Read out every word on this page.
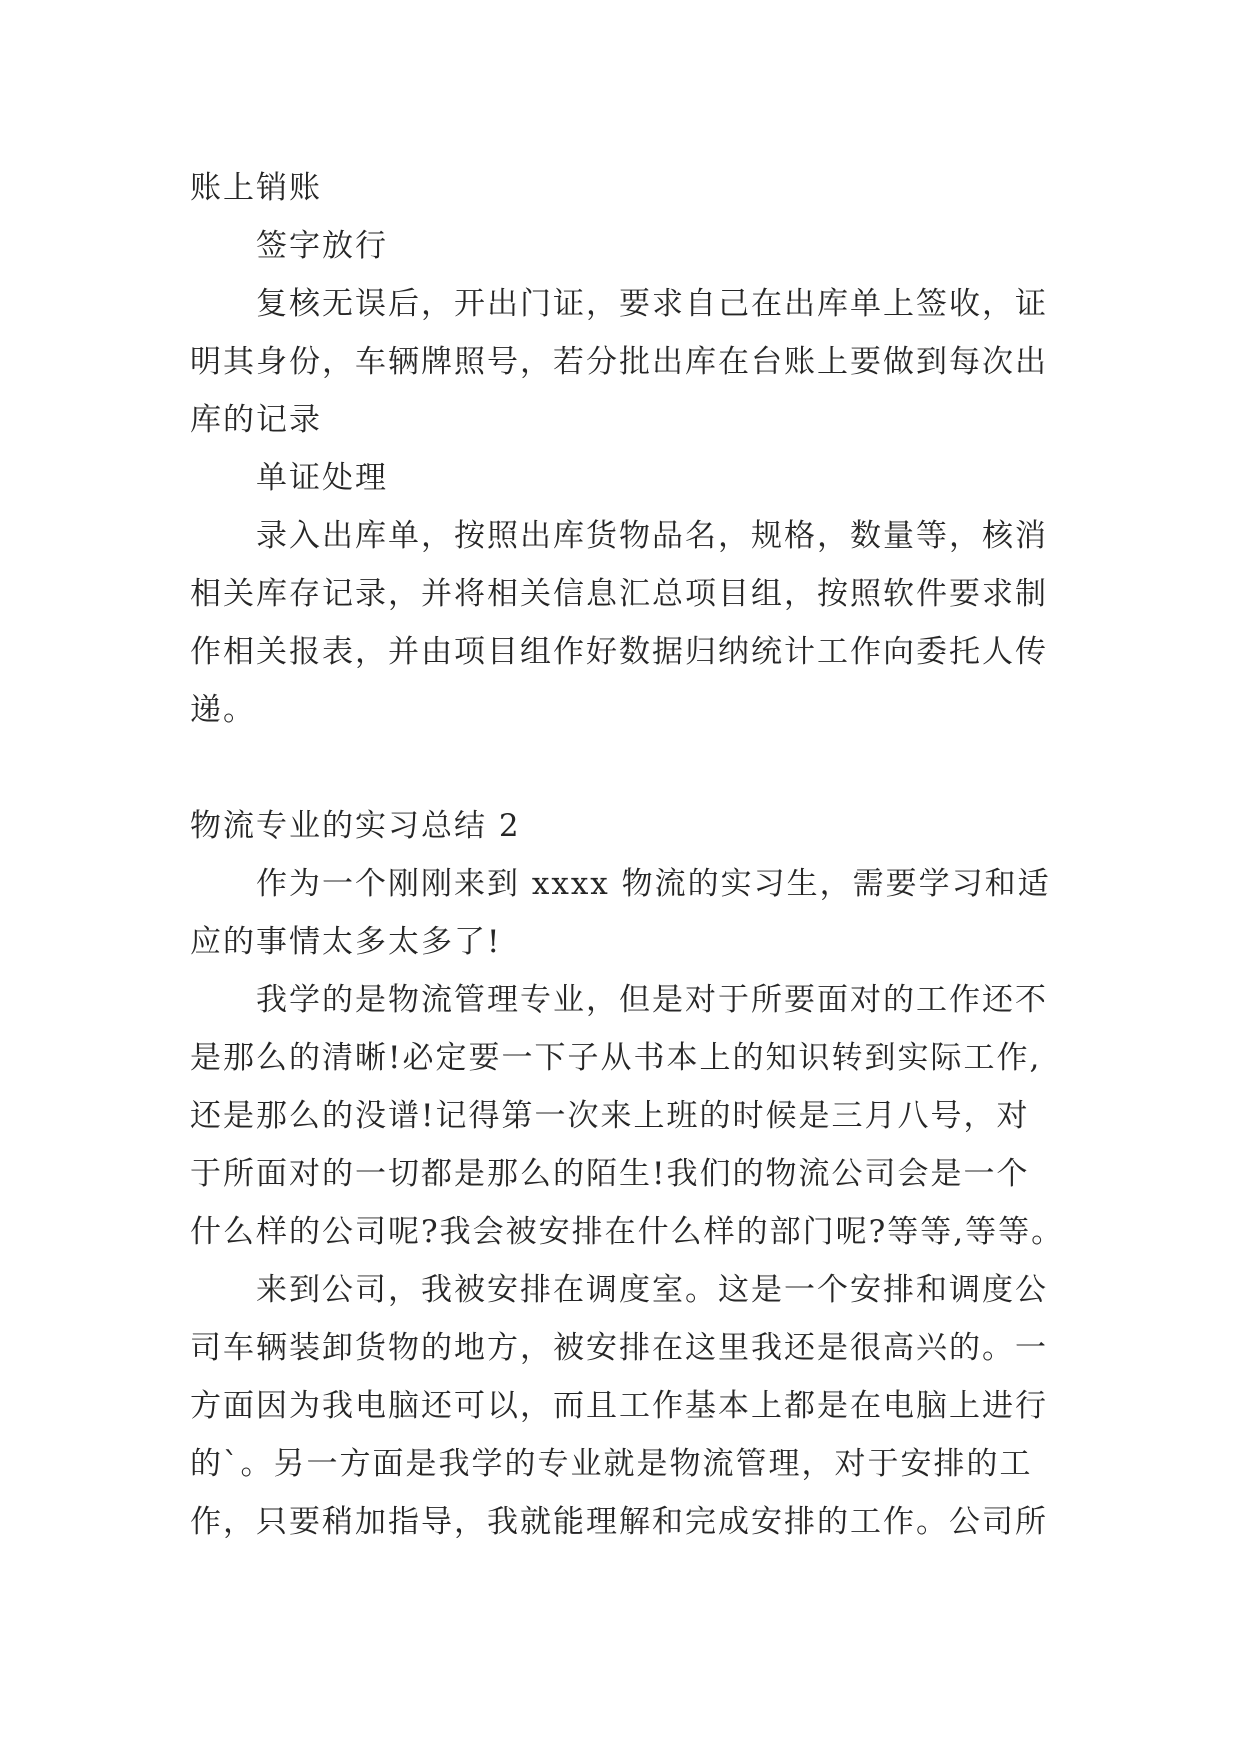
账上销账
签字放行
复核无误后，开出门证，要求自己在出库单上签收，证
明其身份，车辆牌照号，若分批出库在台账上要做到每次出
库的记录
单证处理
录入出库单，按照出库货物品名，规格，数量等，核消
相关库存记录，并将相关信息汇总项目组，按照软件要求制
作相关报表，并由项目组作好数据归纳统计工作向委托人传
递。
物流专业的实习总结 2
作为一个刚刚来到 xxxx 物流的实习生，需要学习和适
应的事情太多太多了!
我学的是物流管理专业，但是对于所要面对的工作还不
是那么的清晰!必定要一下子从书本上的知识转到实际工作,
还是那么的没谱!记得第一次来上班的时候是三月八号，对
于所面对的一切都是那么的陌生!我们的物流公司会是一个
什么样的公司呢?我会被安排在什么样的部门呢?等等,等等。
来到公司，我被安排在调度室。这是一个安排和调度公
司车辆装卸货物的地方，被安排在这里我还是很高兴的。一
方面因为我电脑还可以，而且工作基本上都是在电脑上进行
的`。另一方面是我学的专业就是物流管理，对于安排的工
作，只要稍加指导，我就能理解和完成安排的工作。公司所
